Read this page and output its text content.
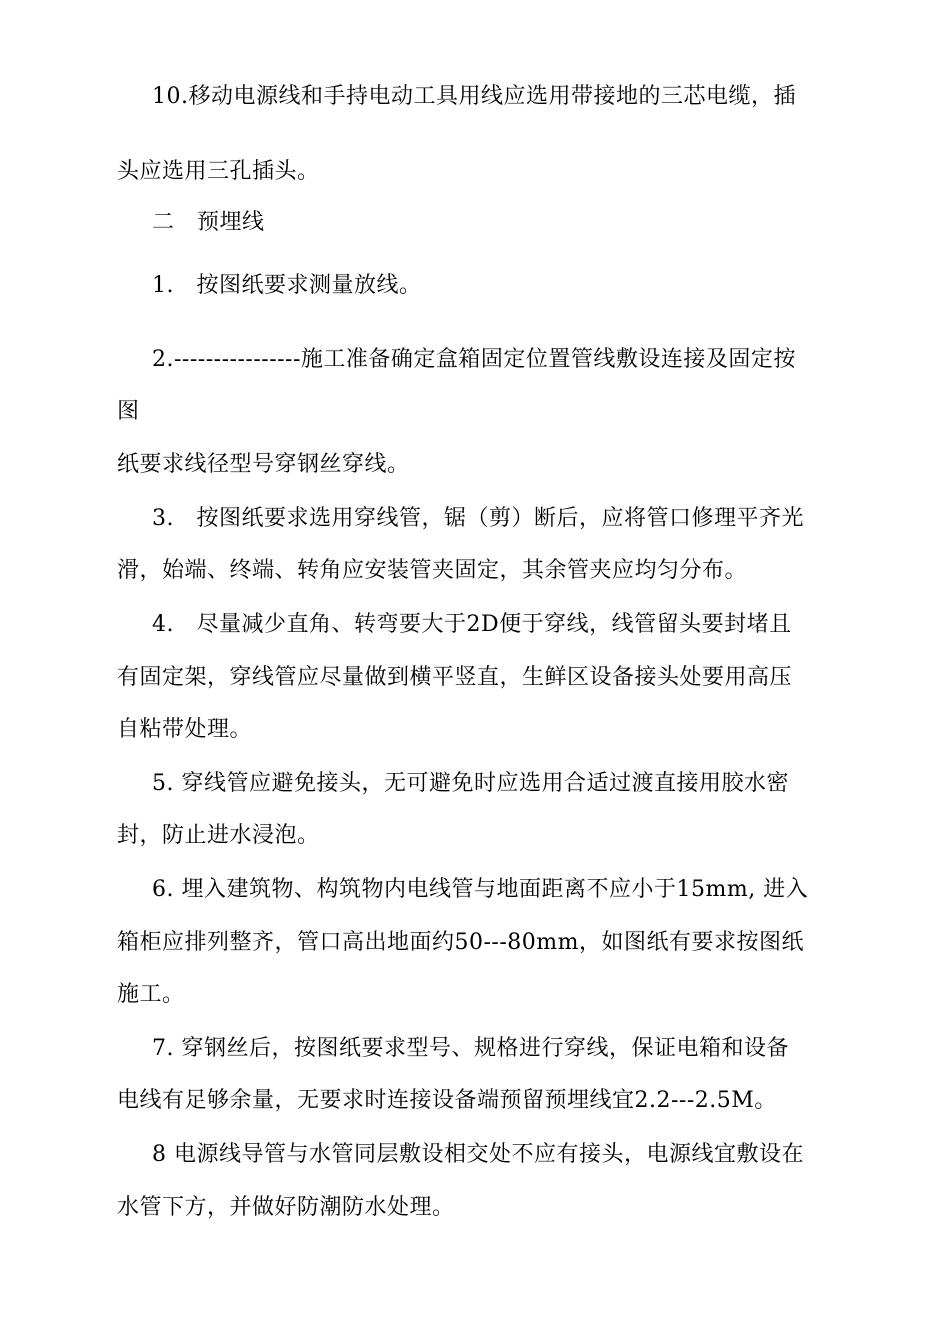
10.移动电源线和手持电动工具用线应选用带接地的三芯电缆，插
头应选用三孔插头。
二　预埋线
1.　按图纸要求测量放线。
2.----------------施工准备确定盒箱固定位置管线敷设连接及固定按
图
纸要求线径型号穿钢丝穿线。
3.　按图纸要求选用穿线管，锯（剪）断后，应将管口修理平齐光
滑，始端、终端、转角应安装管夹固定，其余管夹应均匀分布。
4.　尽量减少直角、转弯要大于2D便于穿线，线管留头要封堵且
有固定架，穿线管应尽量做到横平竖直，生鲜区设备接头处要用高压
自粘带处理。
5. 穿线管应避免接头，无可避免时应选用合适过渡直接用胶水密
封，防止进水浸泡。
6. 埋入建筑物、构筑物内电线管与地面距离不应小于15mm, 进入
箱柜应排列整齐，管口高出地面约50---80mm，如图纸有要求按图纸
施工。
7. 穿钢丝后，按图纸要求型号、规格进行穿线，保证电箱和设备
电线有足够余量，无要求时连接设备端预留预埋线宜2.2---2.5M。
8 电源线导管与水管同层敷设相交处不应有接头，电源线宜敷设在
水管下方，并做好防潮防水处理。
